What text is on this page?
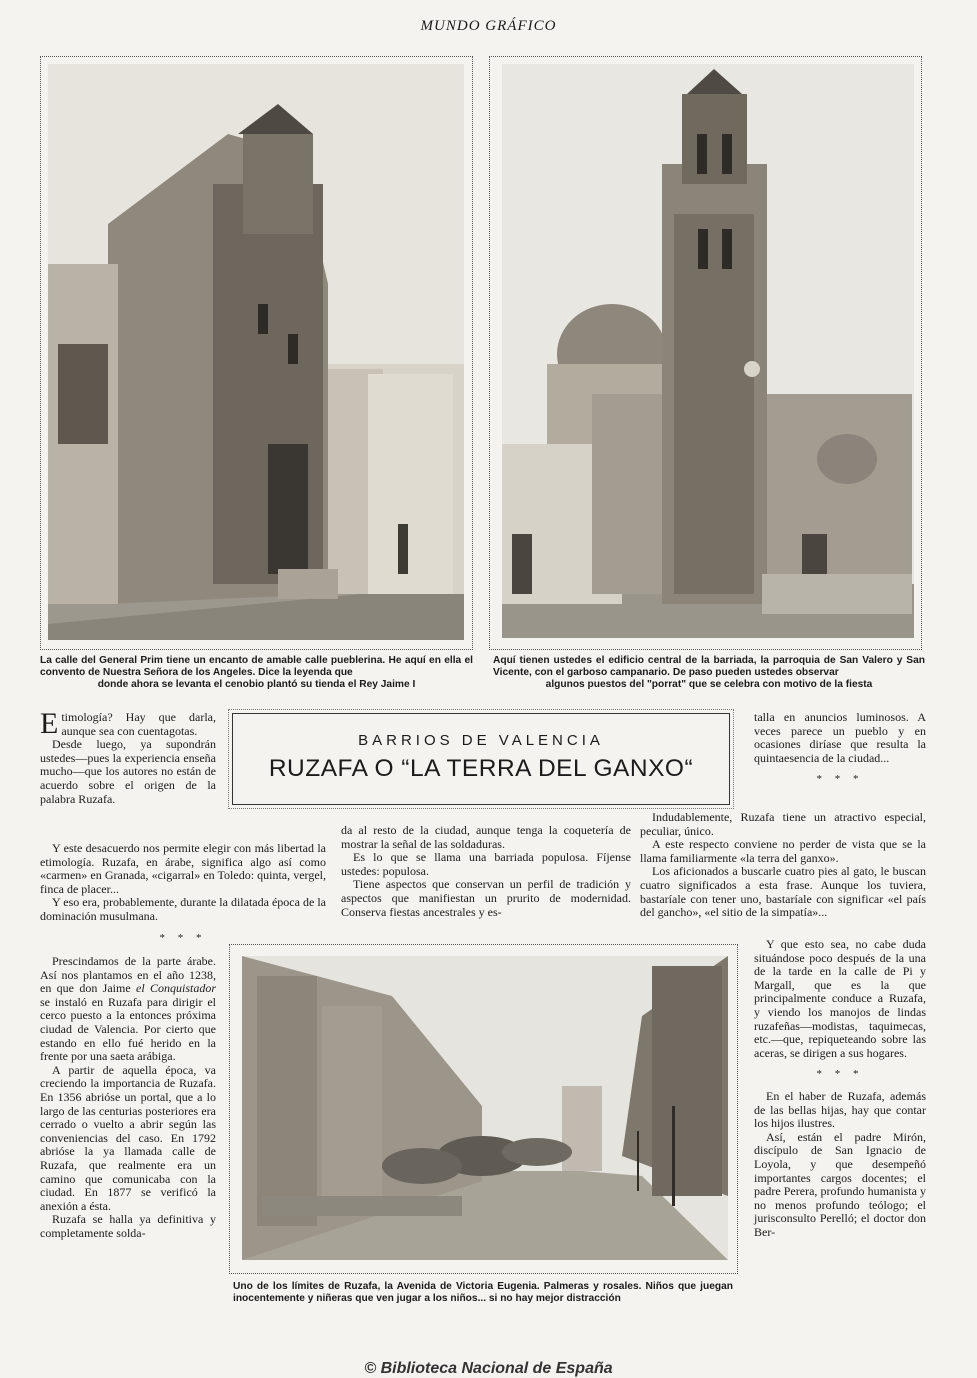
MUNDO GRÁFICO
La calle del General Prim tiene un encanto de amable calle pueblerina. He aquí en ella el convento de Nuestra Señora de los Angeles. Dice la leyenda que
donde ahora se levanta el cenobio plantó su tienda el Rey Jaime I
Aquí tienen ustedes el edificio central de la barriada, la parroquia de San Valero y San Vicente, con el garboso campanario. De paso pueden ustedes observar
algunos puestos del "porrat" que se celebra con motivo de la fiesta
BARRIOS DE VALENCIA
RUZAFA O “LA TERRA DEL GANXO“

Etimología? Hay que darla, aunque sea con cuentagotas.

Desde luego, ya supondrán ustedes—pues la experiencia enseña mucho—que los autores no están de acuerdo sobre el origen de la palabra Ruzafa.

Y este desacuerdo nos permite elegir con más libertad la etimología. Ruzafa, en árabe, significa algo así como «carmen» en Granada, «cigarral» en Toledo: quinta, vergel, finca de placer...

Y eso era, probablemente, durante la dilatada época de la dominación musulmana.

* * *

Prescindamos de la parte árabe. Así nos plantamos en el año 1238, en que don Jaime el Conquistador se instaló en Ruzafa para dirigir el cerco puesto a la entonces próxima ciudad de Valencia. Por cierto que estando en ello fué herido en la frente por una saeta arábiga.

A partir de aquella época, va creciendo la importancia de Ruzafa. En 1356 abrióse un portal, que a lo largo de las centurias posteriores era cerrado o vuelto a abrir según las conveniencias del caso. En 1792 abrióse la ya llamada calle de Ruzafa, que realmente era un camino que comunicaba con la ciudad. En 1877 se verificó la anexión a ésta.

Ruzafa se halla ya definitiva y completamente solda-

da al resto de la ciudad, aunque tenga la coquetería de mostrar la señal de las soldaduras.

Es lo que se llama una barriada populosa. Fíjense ustedes: populosa.

Tiene aspectos que conservan un perfil de tradición y aspectos que manifiestan un prurito de modernidad. Conserva fiestas ancestrales y es-

talla en anuncios luminosos. A veces parece un pueblo y en ocasiones diríase que resulta la quintaesencia de la ciudad...

* * *

Indudablemente, Ruzafa tiene un atractivo especial, peculiar, único.

A este respecto conviene no perder de vista que se la llama familiarmente «la terra del ganxo».

Los aficionados a buscarle cuatro pies al gato, le buscan cuatro significados a esta frase. Aunque los tuviera, bastaríale con tener uno, bastaríale con significar «el país del gancho», «el sitio de la simpatía»...

Y que esto sea, no cabe duda situándose poco después de la una de la tarde en la calle de Pi y Margall, que es la que principalmente conduce a Ruzafa, y viendo los manojos de lindas ruzafeñas—modistas, taquimecas, etc.—que, repiqueteando sobre las aceras, se dirigen a sus hogares.

* * *

En el haber de Ruzafa, además de las bellas hijas, hay que contar los hijos ilustres.

Así, están el padre Mirón, discípulo de San Ignacio de Loyola, y que desempeñó importantes cargos docentes; el padre Perera, profundo humanista y no menos profundo teólogo; el jurisconsulto Perelló; el doctor don Ber-

Uno de los límites de Ruzafa, la Avenida de Victoria Eugenia. Palmeras y rosales. Niños que juegan inocentemente y niñeras que ven jugar a los niños... si no hay mejor distracción
© Biblioteca Nacional de España
